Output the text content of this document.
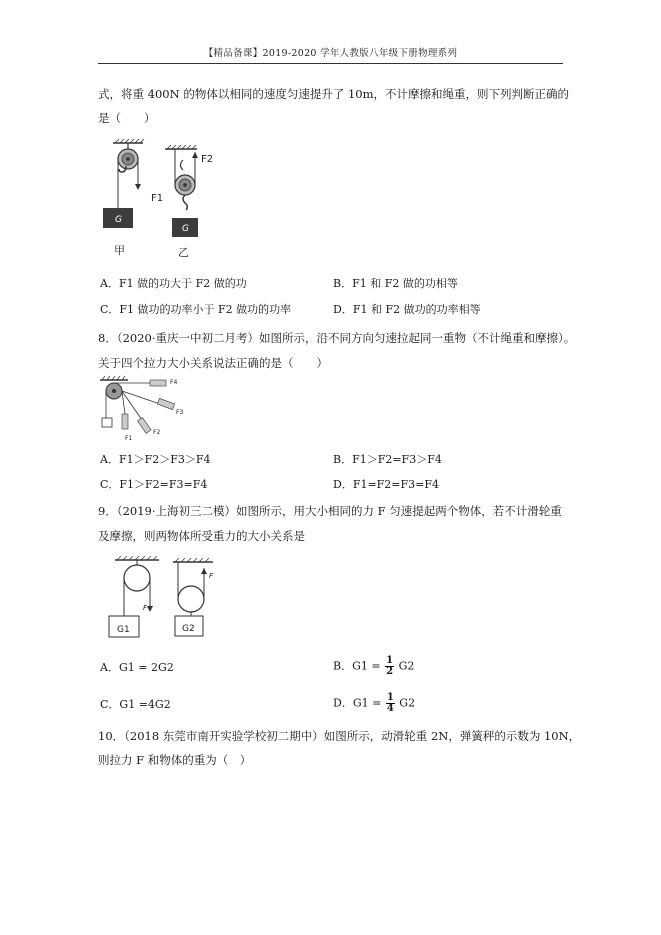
【精品备课】2019-2020 学年人教版八年级下册物理系列
式，将重 400N 的物体以相同的速度匀速提升了 10m，不计摩擦和绳重，则下列判断正确的
是（　　）
F1
G
甲
F2
G
乙
A．F1 做的功大于 F2 做的功	B．F1 和 F2 做的功相等
C．F1 做功的功率小于 F2 做功的功率	D．F1 和 F2 做功的功率相等
8．（2020·重庆一中初二月考）如图所示，沿不同方向匀速拉起同一重物（不计绳重和摩擦）。
关于四个拉力大小关系说法正确的是（　　）
F1
F2
F3
F4
A．F1＞F2＞F3＞F4	B．F1＞F2=F3＞F4
C．F1＞F2=F3=F4	D．F1=F2=F3=F4
9．（2019·上海初三二模）如图所示，用大小相同的力 F 匀速提起两个物体，若不计滑轮重
及摩擦，则两物体所受重力的大小关系是
F
G1
F
G2
A．G1 = 2G2	B．$G1 = \frac{1}{2} G2$
C．G1 =4G2	D．$G1 = \frac{1}{4} G2$
10．（2018 东莞市南开实验学校初二期中）如图所示，动滑轮重 2N，弹簧秤的示数为 10N，
则拉力 F 和物体的重为（　）
